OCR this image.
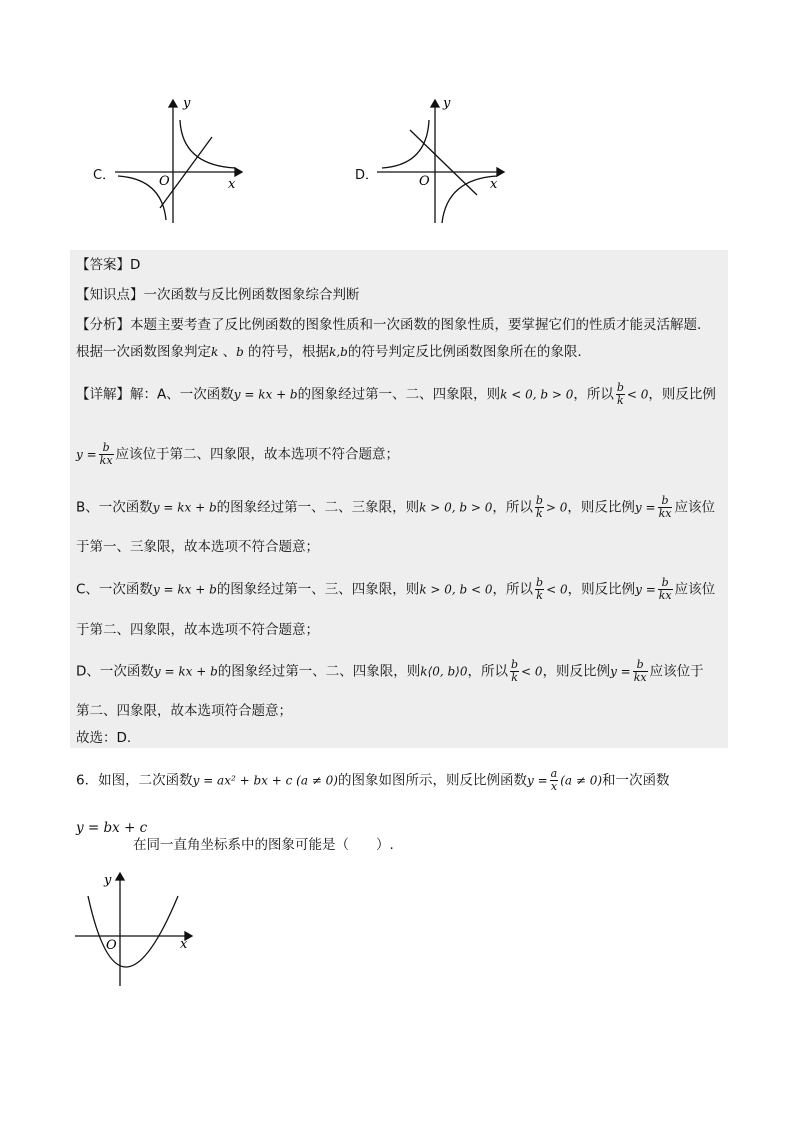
C．
y
x
O	D．
y
x
O
【答案】D
【知识点】一次函数与反比例函数图象综合判断
【分析】本题主要考查了反比例函数的图象性质和一次函数的图象性质，要掌握它们的性质才能灵活解题.
根据一次函数图象判定k 、b 的符号，根据k,b的符号判定反比例函数图象所在的象限.
【详解】解：A、一次函数y = kx + b的图象经过第一、二、四象限，则k < 0, b > 0，所以 $\frac{b}{k} < 0$，则反比例
$y = \frac{b}{kx}$ 应该位于第二、四象限，故本选项不符合题意；
B、一次函数y = kx + b的图象经过第一、二、三象限，则k > 0, b > 0，所以 $\frac{b}{k} > 0$，则反比例$y = \frac{b}{kx}$ 应该位
于第一、三象限，故本选项不符合题意；
C、一次函数y = kx + b的图象经过第一、三、四象限，则k > 0, b < 0，所以 $\frac{b}{k} < 0$，则反比例$y = \frac{b}{kx}$ 应该位
于第二、四象限，故本选项不符合题意；
D、一次函数y = kx + b的图象经过第一、二、四象限，则k⟨0, b⟩0，所以 $\frac{b}{k} < 0$，则反比例$y = \frac{b}{kx}$ 应该位于
第二、四象限，故本选项符合题意；
故选：D.
6．如图，二次函数y = ax² + bx + c (a ≠ 0)的图象如图所示，则反比例函数$y = \frac{a}{x} (a \ne 0)$和一次函数
y = bx + c
在同一直角坐标系中的图象可能是（　　）.
y
x
O
